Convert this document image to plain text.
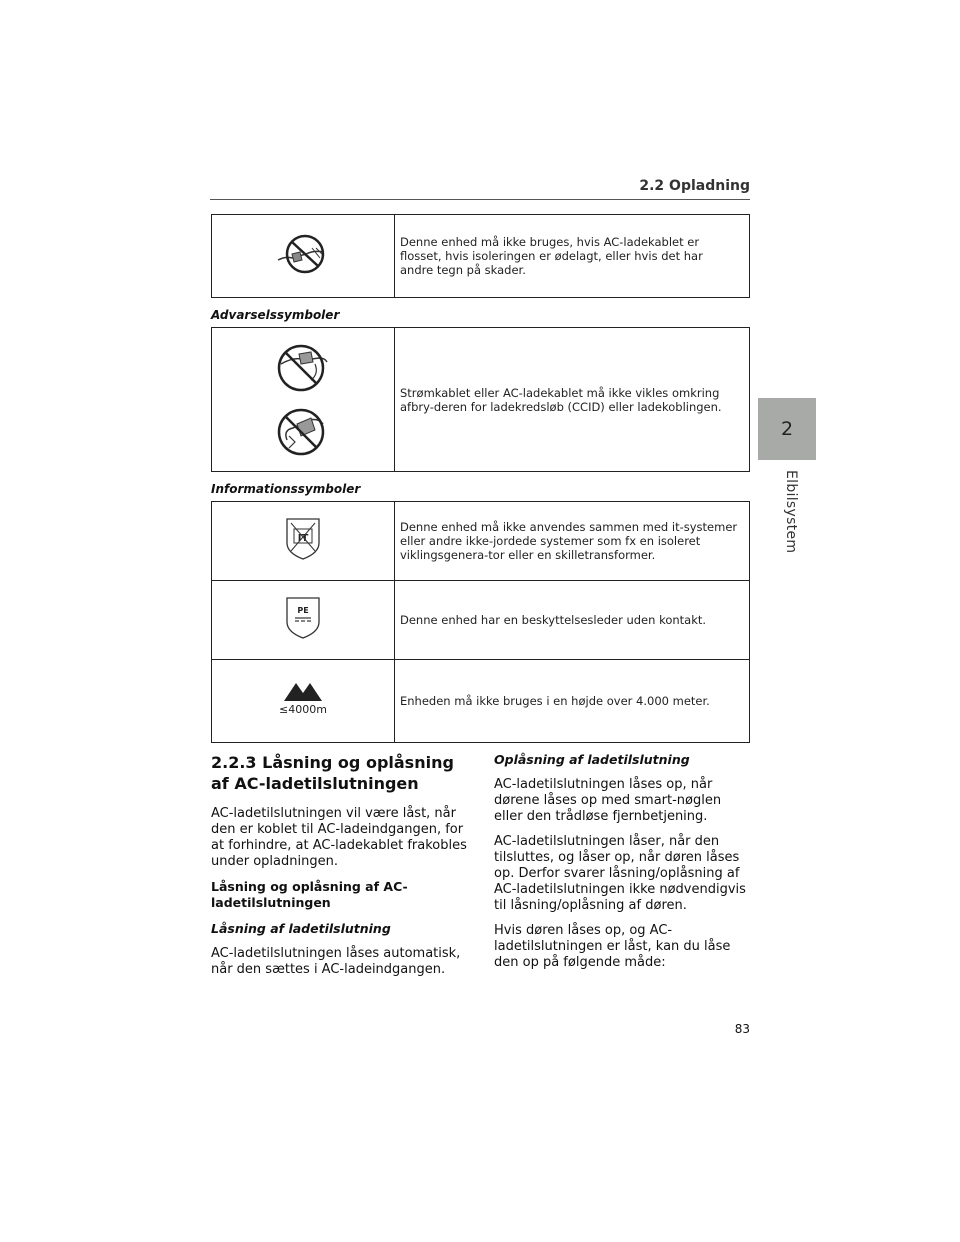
2.2 Opladning
2
Elbilsystem
	Denne enhed må ikke bruges, hvis AC-ladekablet er flosset, hvis isoleringen er ødelagt, eller hvis det har andre tegn på skader.
Advarselssymboler
	Strømkablet eller AC-ladekablet må ikke vikles omkring afbry-deren for ladekredsløb (CCID) eller ladekoblingen.
Informationssymboler
IT	Denne enhed må ikke anvendes sammen med it-systemer eller andre ikke-jordede systemer som fx en isoleret viklingsgenera-tor eller en skilletransformer.

PE	Denne enhed har en beskyttelsesleder uden kontakt.

≤4000m	Enheden må ikke bruges i en højde over 4.000 meter.

2.2.3 Låsning og oplåsning af AC-ladetilslutningen

AC-ladetilslutningen vil være låst, når den er koblet til AC-ladeindgangen, for at forhindre, at AC-ladekablet frakobles under opladningen.

Låsning og oplåsning af AC-ladetilslutningen

Låsning af ladetilslutning

AC-ladetilslutningen låses automatisk, når den sættes i AC-ladeindgangen.

Oplåsning af ladetilslutning

AC-ladetilslutningen låses op, når dørene låses op med smart-nøglen eller den trådløse fjernbetjening.

AC-ladetilslutningen låser, når den tilsluttes, og låser op, når døren låses op. Derfor svarer låsning/oplåsning af AC-ladetilslutningen ikke nødvendigvis til låsning/oplåsning af døren.

Hvis døren låses op, og AC-ladetilslutningen er låst, kan du låse den op på følgende måde:

83
